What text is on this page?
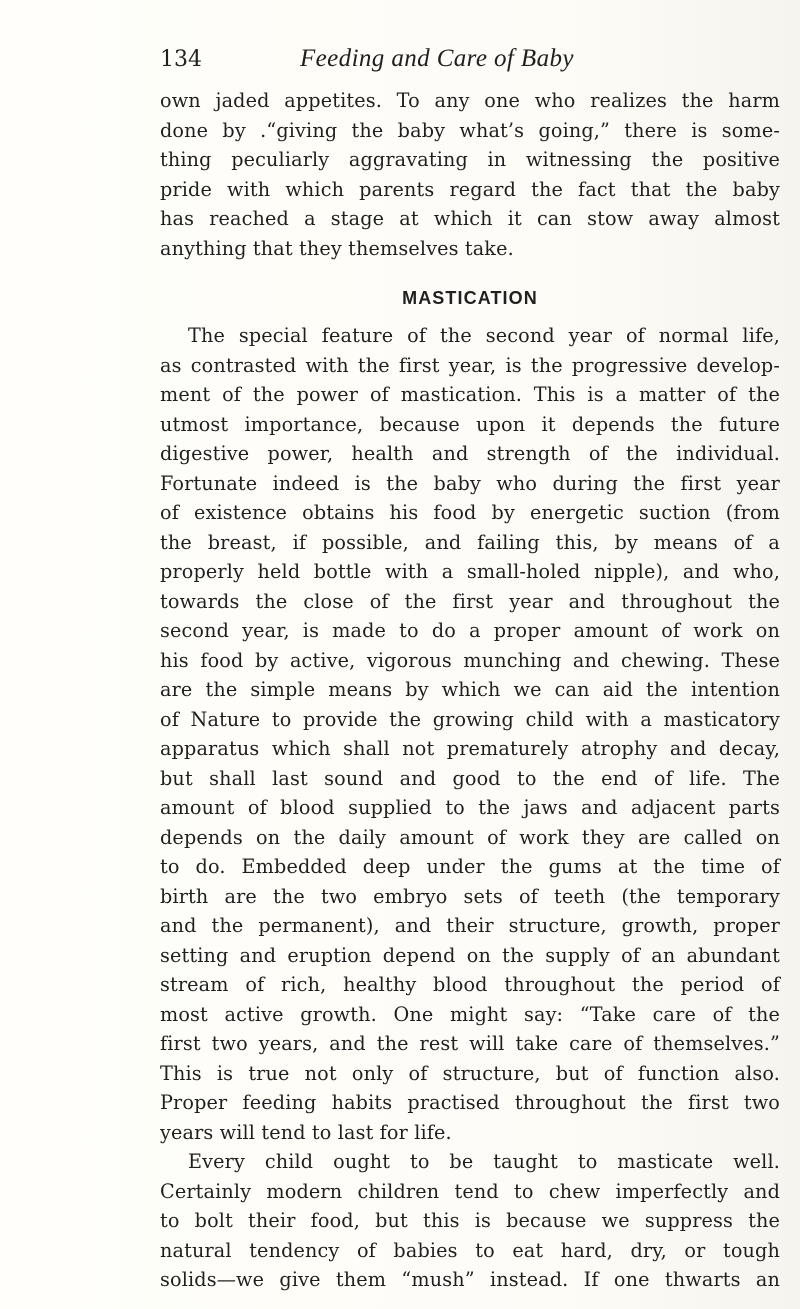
134	Feeding and Care of Baby
own jaded appetites. To any one who realizes the harm
done by .“giving the baby what’s going,” there is some-
thing peculiarly aggravating in witnessing the positive
pride with which parents regard the fact that the baby
has reached a stage at which it can stow away almost
anything that they themselves take.
MASTICATION
The special feature of the second year of normal life,
as contrasted with the first year, is the progressive develop-
ment of the power of mastication. This is a matter of the
utmost importance, because upon it depends the future
digestive power, health and strength of the individual.
Fortunate indeed is the baby who during the first year
of existence obtains his food by energetic suction (from
the breast, if possible, and failing this, by means of a
properly held bottle with a small-holed nipple), and who,
towards the close of the first year and throughout the
second year, is made to do a proper amount of work on
his food by active, vigorous munching and chewing. These
are the simple means by which we can aid the intention
of Nature to provide the growing child with a masticatory
apparatus which shall not prematurely atrophy and decay,
but shall last sound and good to the end of life. The
amount of blood supplied to the jaws and adjacent parts
depends on the daily amount of work they are called on
to do. Embedded deep under the gums at the time of
birth are the two embryo sets of teeth (the temporary
and the permanent), and their structure, growth, proper
setting and eruption depend on the supply of an abundant
stream of rich, healthy blood throughout the period of
most active growth. One might say: “Take care of the
first two years, and the rest will take care of themselves.”
This is true not only of structure, but of function also.
Proper feeding habits practised throughout the first two
years will tend to last for life.
Every child ought to be taught to masticate well.
Certainly modern children tend to chew imperfectly and
to bolt their food, but this is because we suppress the
natural tendency of babies to eat hard, dry, or tough
solids—we give them “mush” instead. If one thwarts an
